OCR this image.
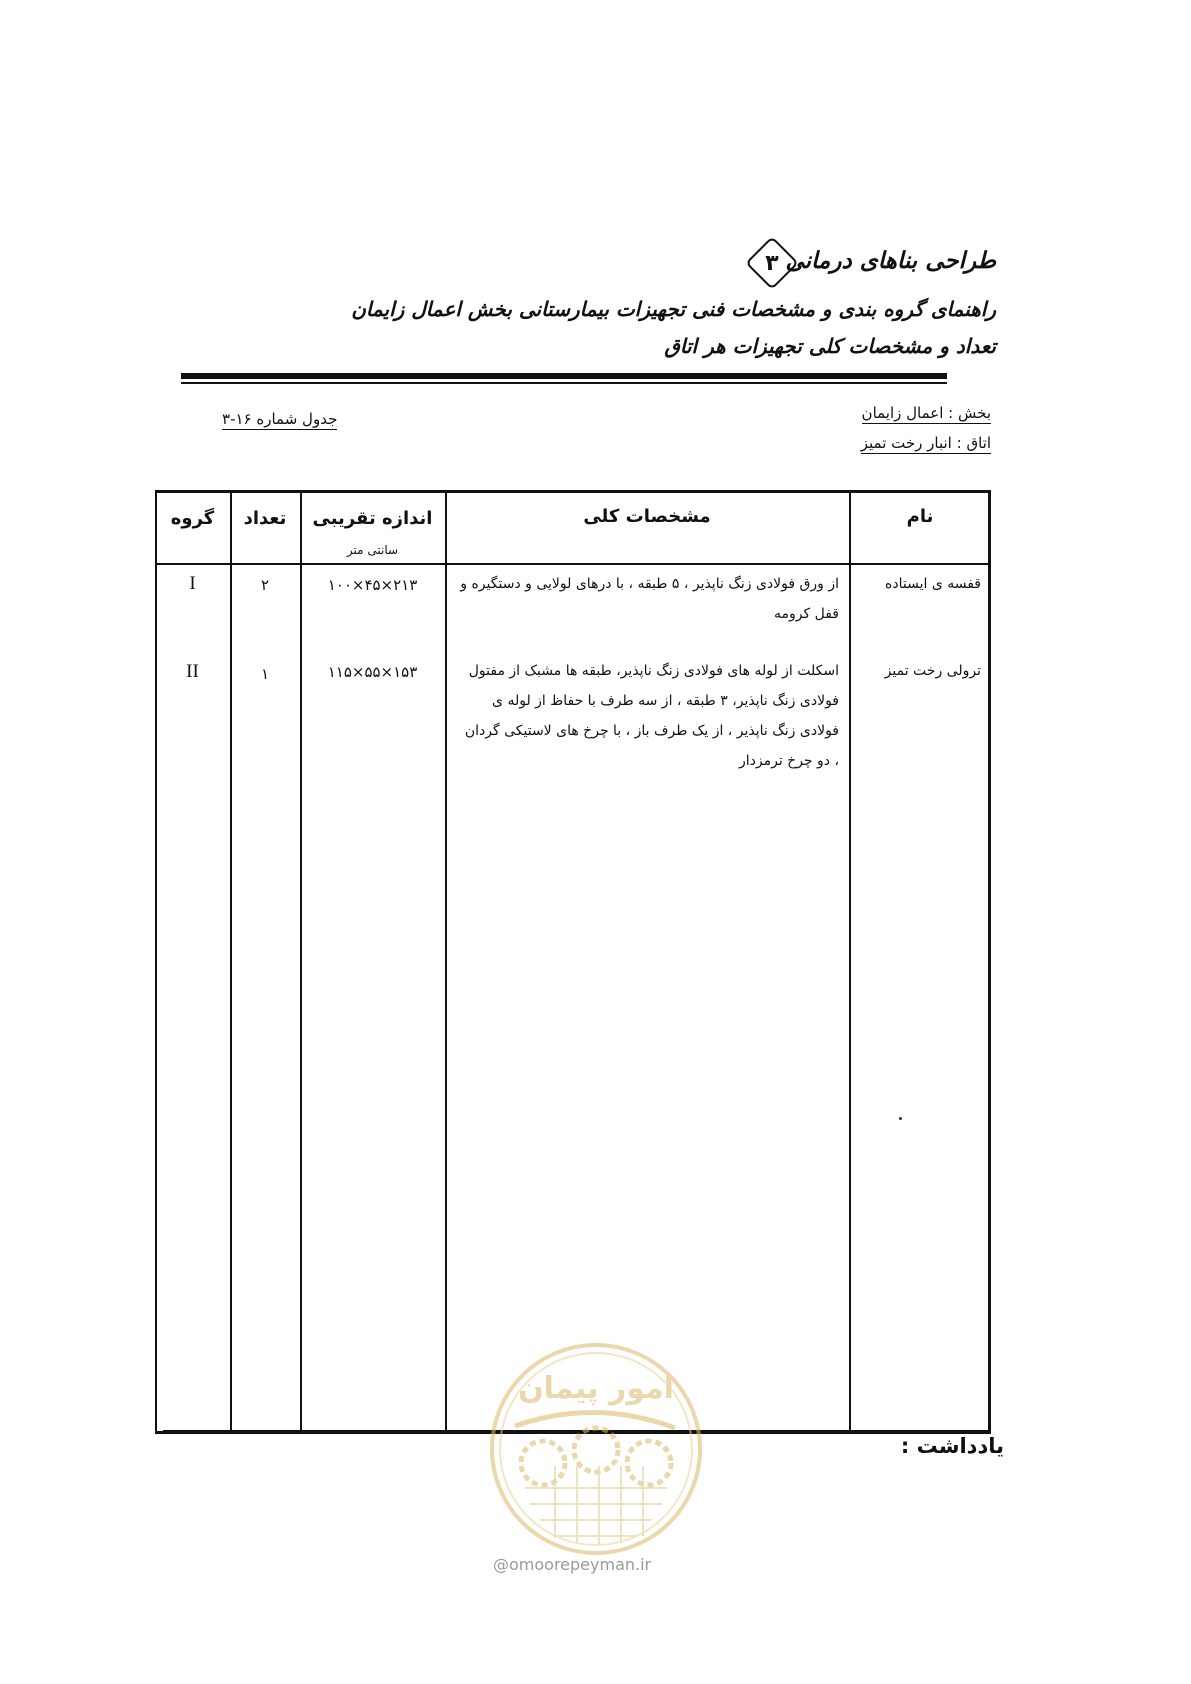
طراحی بناهای درمانی
۳
راهنمای گروه بندی و مشخصات فنی تجهیزات بیمارستانی بخش اعمال زایمان
تعداد و مشخصات کلی تجهیزات هر اتاق
بخش : اعمال زایمان
اتاق : انبار رخت تمیز
جدول شماره ۱۶-۳
نام
مشخصات کلی
اندازه تقریبی
سانتی متر
تعداد
گروه
قفسه ی ایستاده
از ورق فولادی زنگ ناپذیر ، ۵ طبقه ، با درهای لولایی و دستگیره و قفل کرومه
۱۰۰×۴۵×۲۱۳
۲
I
ترولی رخت تمیز
اسکلت از لوله های فولادی زنگ ناپذیر، طبقه ها مشبک از مفتول فولادی زنگ ناپذیر، ۳ طبقه ، از سه طرف با حفاظ از لوله ی فولادی زنگ ناپذیر ، از یک طرف باز ، با چرخ های لاستیکی گردان ، دو چرخ ترمزدار
۱۱۵×۵۵×۱۵۳
۱
II
یادداشت :
امور پیمان
@omoorepeyman.ir
